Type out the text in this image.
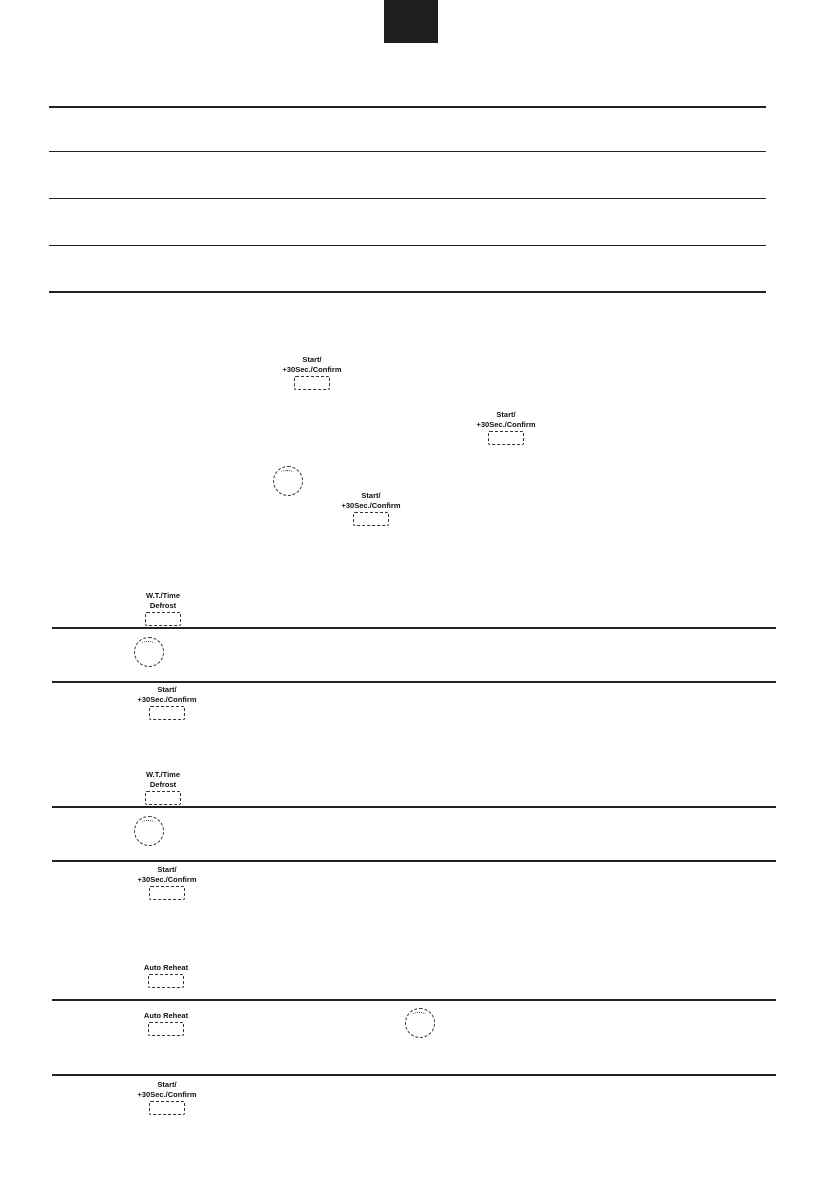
Start/
+30Sec./Confirm
Start/
+30Sec./Confirm
Start/
+30Sec./Confirm
W.T./Time
Defrost
Start/
+30Sec./Confirm
W.T./Time
Defrost
Start/
+30Sec./Confirm
Auto Reheat
Auto Reheat
Start/
+30Sec./Confirm
